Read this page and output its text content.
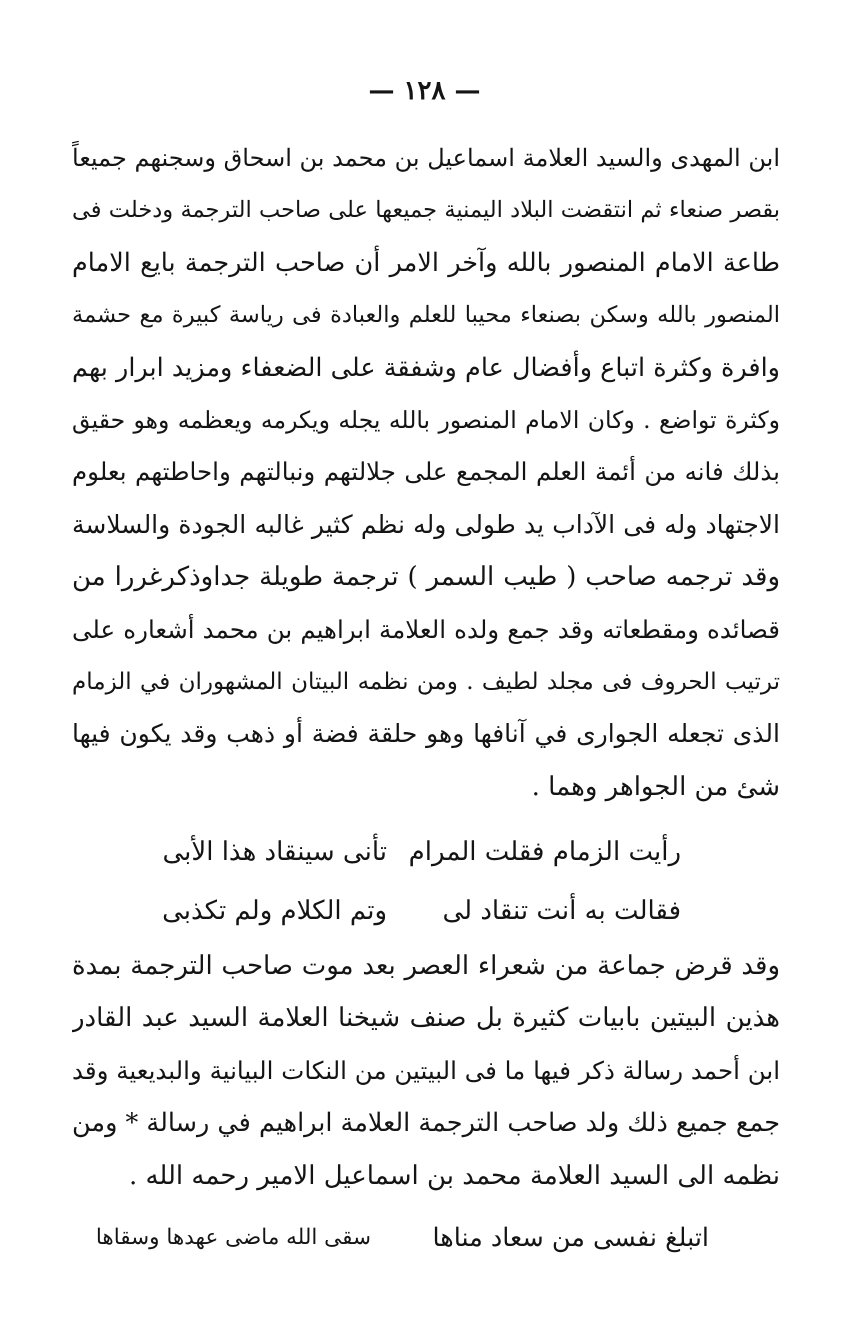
— ١٢٨ —
ابن المهدى والسيد العلامة اسماعيل بن محمد بن اسحاق وسجنهم جميعاً
بقصر صنعاء ثم انتقضت البلاد اليمنية جميعها على صاحب الترجمة ودخلت فى
طاعة الامام المنصور بالله وآخر الامر أن صاحب الترجمة بايع الامام
المنصور بالله وسكن بصنعاء محيبا للعلم والعبادة فى رياسة كبيرة مع حشمة
وافرة وكثرة اتباع وأفضال عام وشفقة على الضعفاء ومزيد ابرار بهم
وكثرة تواضع . وكان الامام المنصور بالله يجله ويكرمه ويعظمه وهو حقيق
بذلك فانه من أئمة العلم المجمع على جلالتهم ونبالتهم واحاطتهم بعلوم
الاجتهاد وله فى الآداب يد طولى وله نظم كثير غالبه الجودة والسلاسة
وقد ترجمه صاحب ( طيب السمر ) ترجمة طويلة جداوذكرغررا من
قصائده ومقطعاته وقد جمع ولده العلامة ابراهيم بن محمد أشعاره على
ترتيب الحروف فى مجلد لطيف . ومن نظمه البيتان المشهوران في الزمام
الذى تجعله الجوارى في آنافها وهو حلقة فضة أو ذهب وقد يكون فيها
شئ من الجواهر وهما .
رأيت الزمام فقلت المرام
تأنى سينقاد هذا الأبى
فقالت به أنت تنقاد لى
وتم الكلام ولم تكذبى
وقد قرض جماعة من شعراء العصر بعد موت صاحب الترجمة بمدة
هذين البيتين بابيات كثيرة بل صنف شيخنا العلامة السيد عبد القادر
ابن أحمد رسالة ذكر فيها ما فى البيتين من النكات البيانية والبديعية وقد
جمع جميع ذلك ولد صاحب الترجمة العلامة ابراهيم في رسالة * ومن
نظمه الى السيد العلامة محمد بن اسماعيل الامير رحمه الله .
اتبلغ نفسى من سعاد مناها
سقى الله ماضى عهدها وسقاها
